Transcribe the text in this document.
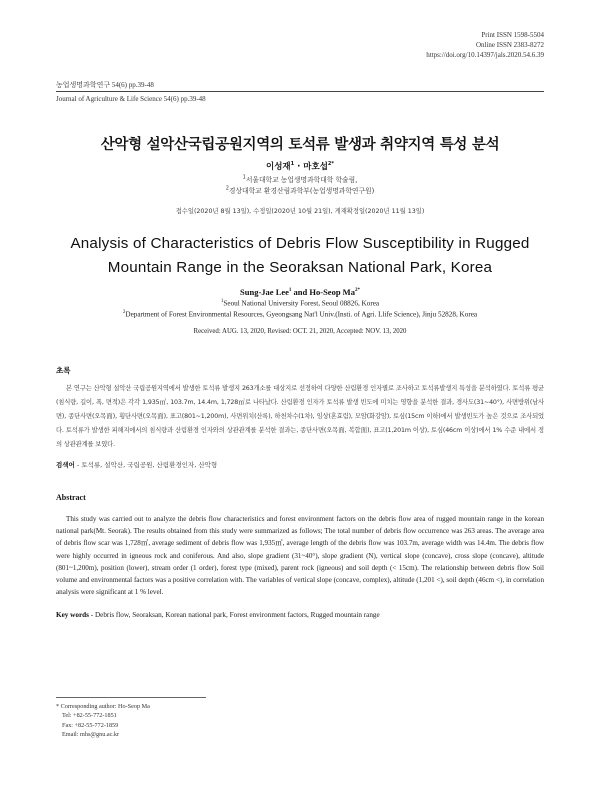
Print ISSN 1598-5504
Online ISSN 2383-8272
https://doi.org/10.14397/jals.2020.54.6.39
농업생명과학연구 54(6) pp.39-48
Journal of Agriculture & Life Science 54(6) pp.39-48
산악형 설악산국립공원지역의 토석류 발생과 취약지역 특성 분석
이성재$^1$ · 마호섭$^{2*}$
$^1$서울대학교 농업생명과학대학 학술림,
$^2$경상대학교 환경산림과학부(농업생명과학연구원)
접수일(2020년 8월 13일), 수정일(2020년 10월 21일), 게재확정일(2020년 11월 13일)
Analysis of Characteristics of Debris Flow Susceptibility in Rugged
Mountain Range in the Seoraksan National Park, Korea
Sung-Jae Lee$^1$ and Ho-Seop $Ma^{2*}$
$^1$Seoul National University Forest, Seoul 08826, Korea
$^2$Department of Forest Environmental Resources, Gyeongsang Nat'l Univ.(Insti. of Agri. Llife Science), Jinju 52828, Korea
Received: AUG. 13, 2020, Revised: OCT. 21, 2020, Accepted: NOV. 13, 2020
초록
본 연구는 산악형 설악산 국립공원지역에서 발생한 토석류 발생지 263개소를 대상지로 선정하여 다양한 산림환경 인자별로 조사하고 토석류발생지 특성을 분석하였다. 토석류 평균(침식량, 길이, 폭, 면적)은 각각 1,935㎥, 103.7m, 14.4m, 1,728㎡로 나타났다. 산림환경 인자가 토석류 발생 빈도에 미치는 영향을 분석한 결과, 경사도(31~40°), 사면방위(남사면), 종단사면(오목面), 횡단사면(오목面), 표고(801~1,200m), 사면위치(산록), 하천차수(1차), 임상(혼효림), 모암(화강암), 토심(15cm 이하)에서 발생빈도가 높은 것으로 조사되었다. 토석류가 발생한 피해지에서의 침식량과 산림환경 인자와의 상관관계를 분석한 결과는, 종단사면(오목面, 복합面), 표고(1,201m 이상), 토심(46cm 이상)에서 1% 수준 내에서 정의 상관관계를 보였다.
검색어 - 토석류, 설악산, 국립공원, 산림환경인자, 산악형
Abstract
This study was carried out to analyze the debris flow characteristics and forest environment factors on the debris flow area of rugged mountain range in the korean national park(Mt. Seorak). The results obtained from this study were summarized as follows; The total number of debris flow occurrence was 263 areas. The average area of debris flow scar was 1,728㎡, average sediment of debris flow was 1,935㎥, average length of the debris flow was 103.7m, average width was 14.4m. The debris flow were highly occurred in igneous rock and coniferous. And also, slope gradient (31~40°), slope gradient (N), vertical slope (concave), cross slope (concave), altitude (801~1,200m), position (lower), stream order (1 order), forest type (mixed), parent rock (igneous) and soil depth (< 15cm). The relationship between debris flow Soil volume and environmental factors was a positive correlation with. The variables of vertical slope (concave, complex), altitude (1,201 <), soil depth (46cm <), in correlation analysis were significant at 1 % level.
Key words - Debris flow, Seoraksan, Korean national park, Forest environment factors, Rugged mountain range
* Corresponding author: Ho-Seop Ma
Tel: +82-55-772-1851
Fax: +82-55-772-1859
Email: mhs@gnu.ac.kr
